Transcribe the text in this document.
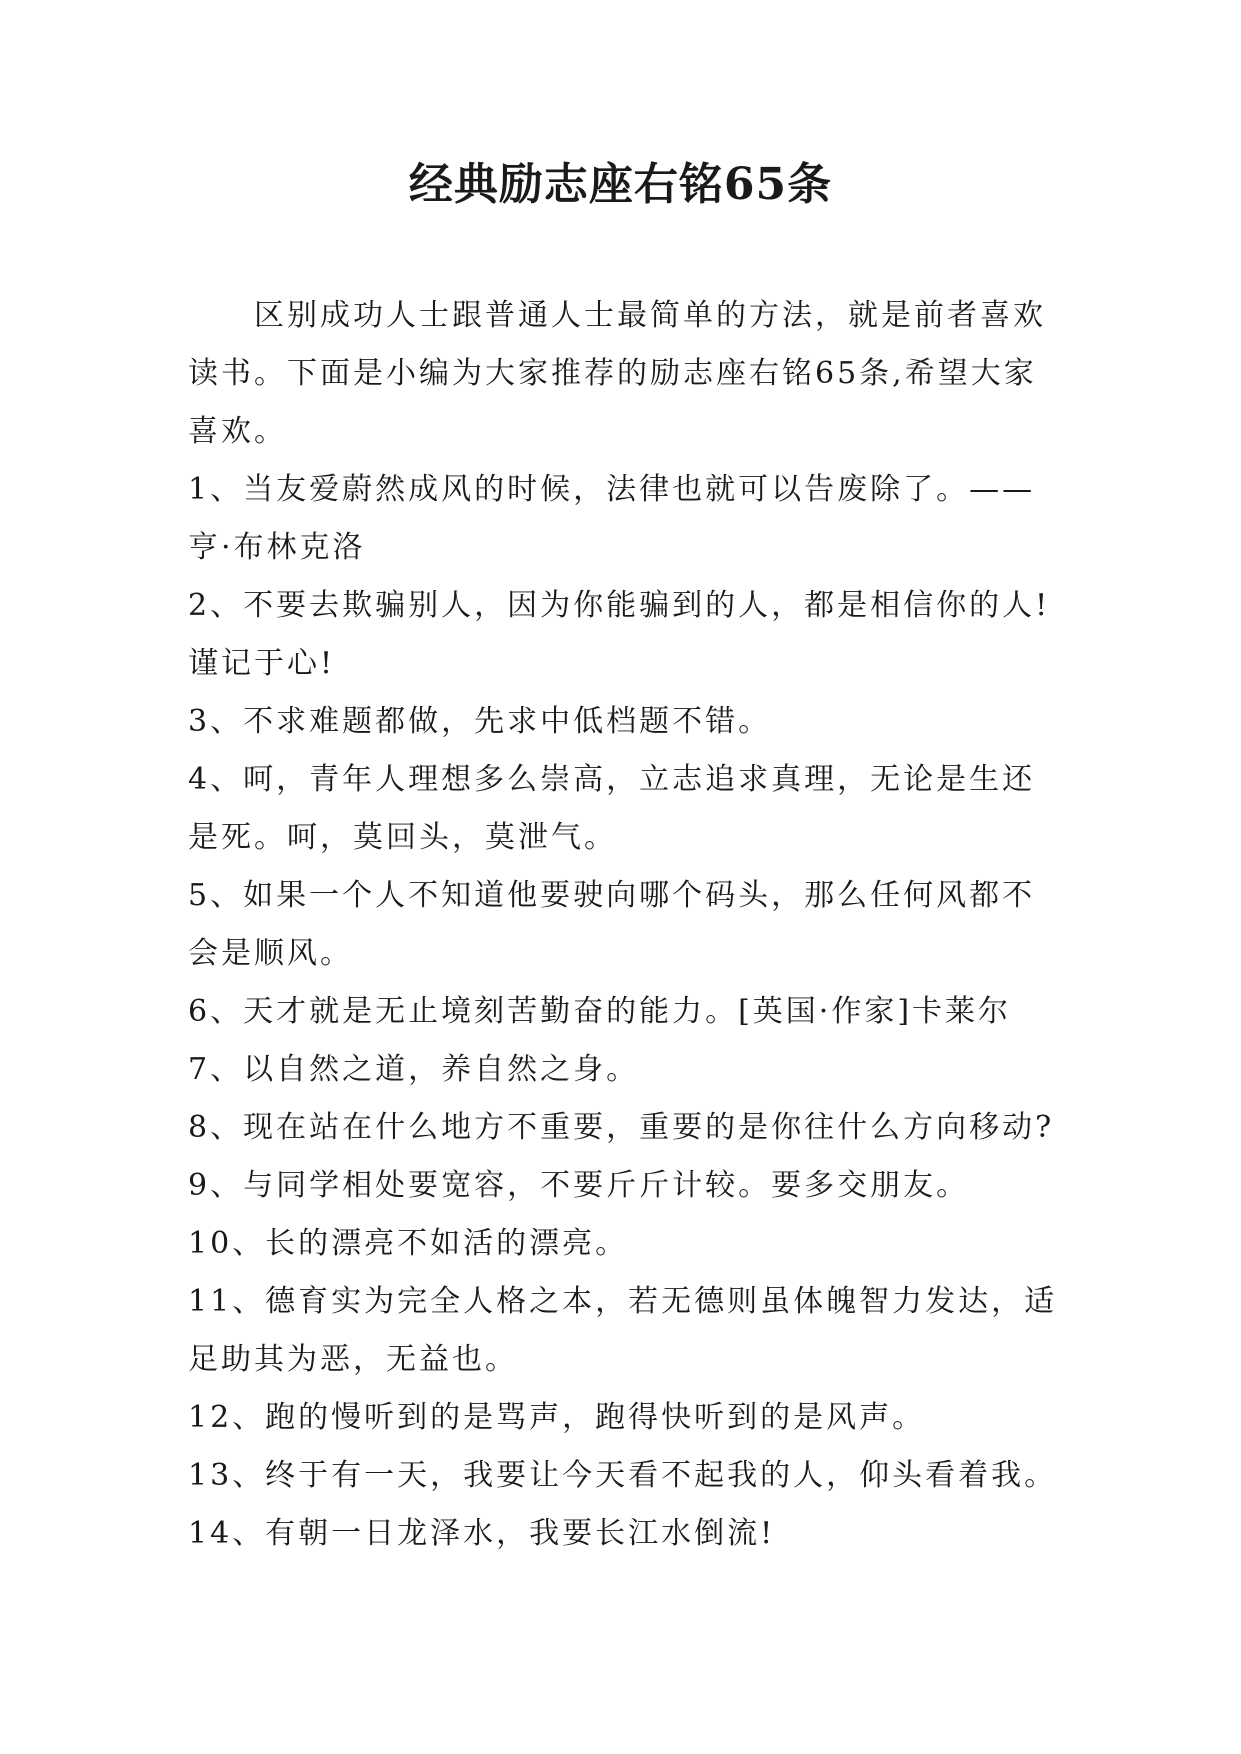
经典励志座右铭65条

区别成功人士跟普通人士最简单的方法，就是前者喜欢读书。下面是小编为大家推荐的励志座右铭65条,希望大家喜欢。

1、当友爱蔚然成风的时候，法律也就可以告废除了。——亨·布林克洛

2、不要去欺骗别人，因为你能骗到的人，都是相信你的人!谨记于心!

3、不求难题都做，先求中低档题不错。

4、呵，青年人理想多么崇高，立志追求真理，无论是生还是死。呵，莫回头，莫泄气。

5、如果一个人不知道他要驶向哪个码头，那么任何风都不会是顺风。

6、天才就是无止境刻苦勤奋的能力。[英国·作家]卡莱尔

7、以自然之道，养自然之身。

8、现在站在什么地方不重要，重要的是你往什么方向移动?

9、与同学相处要宽容，不要斤斤计较。要多交朋友。

10、长的漂亮不如活的漂亮。

11、德育实为完全人格之本，若无德则虽体魄智力发达，适足助其为恶，无益也。

12、跑的慢听到的是骂声，跑得快听到的是风声。

13、终于有一天，我要让今天看不起我的人，仰头看着我。

14、有朝一日龙泽水，我要长江水倒流!
